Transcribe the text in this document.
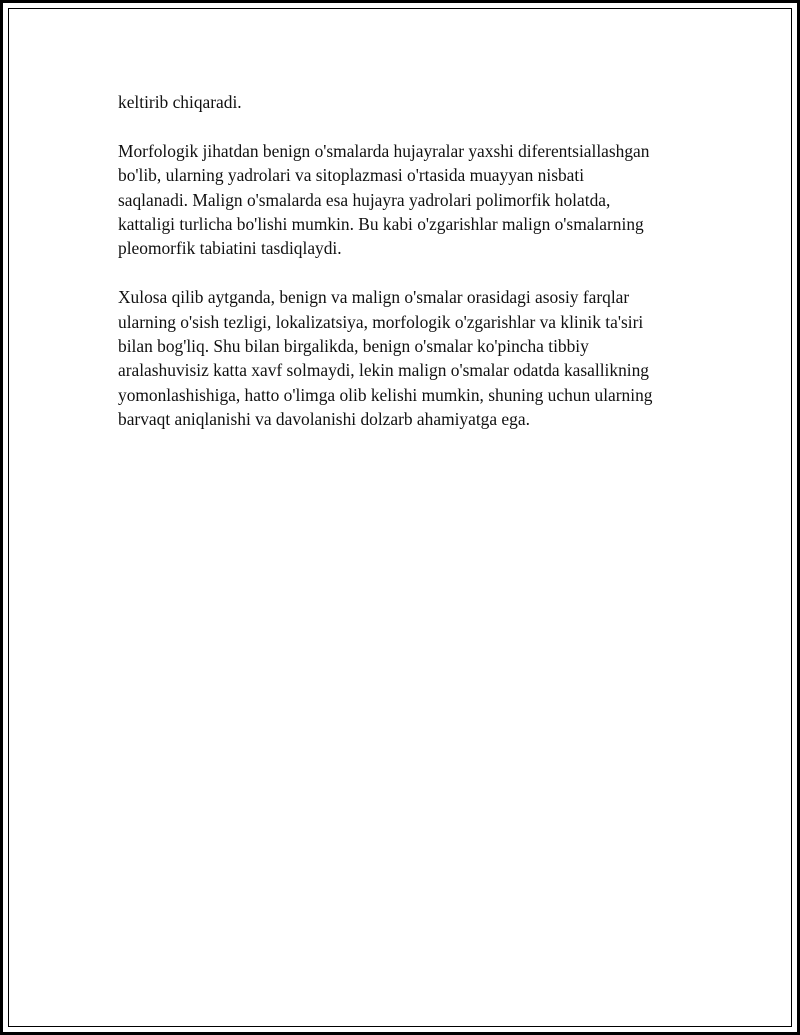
keltirib chiqaradi.

Morfologik jihatdan benign o'smalarda hujayralar yaxshi diferentsiallashgan
bo'lib, ularning yadrolari va sitoplazmasi o'rtasida muayyan nisbati
saqlanadi. Malign o'smalarda esa hujayra yadrolari polimorfik holatda,
kattaligi turlicha bo'lishi mumkin. Bu kabi o'zgarishlar malign o'smalarning
pleomorfik tabiatini tasdiqlaydi.

Xulosa qilib aytganda, benign va malign o'smalar orasidagi asosiy farqlar
ularning o'sish tezligi, lokalizatsiya, morfologik o'zgarishlar va klinik ta'siri
bilan bog'liq. Shu bilan birgalikda, benign o'smalar ko'pincha tibbiy
aralashuvisiz katta xavf solmaydi, lekin malign o'smalar odatda kasallikning
yomonlashishiga, hatto o'limga olib kelishi mumkin, shuning uchun ularning
barvaqt aniqlanishi va davolanishi dolzarb ahamiyatga ega.
